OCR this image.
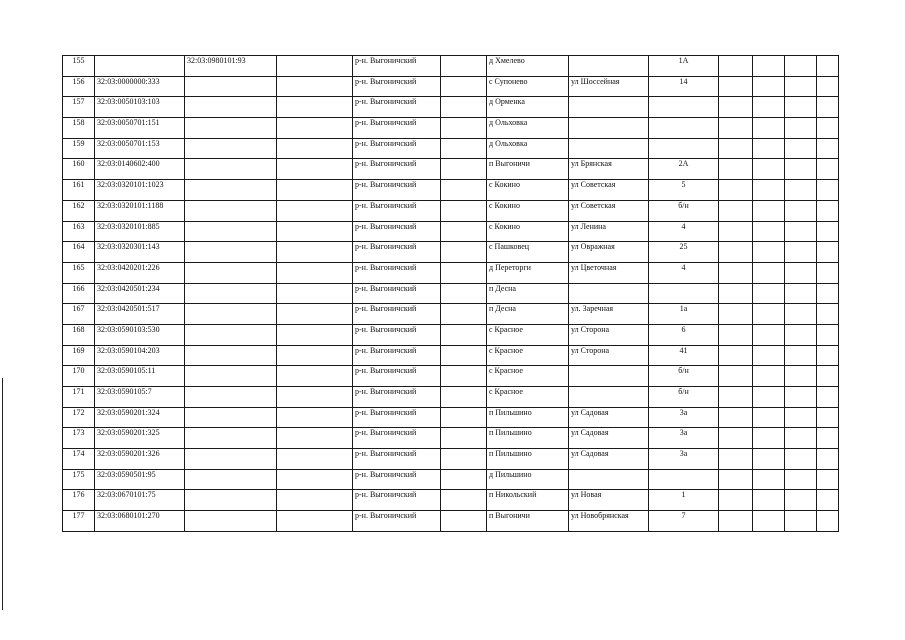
155		32:03:0980101:93		р-н. Выгоничский		д Хмелево		1А				
156	32:03:0000000:333			р-н. Выгоничский		с Супонево	ул Шоссейная	14				
157	32:03:0050103:103			р-н. Выгоничский		д Орменка						
158	32:03:0050701:151			р-н. Выгоничский		д Ольховка						
159	32:03:0050701:153			р-н. Выгоничский		д Ольховка						
160	32:03:0140602:400			р-н. Выгоничский		п Выгоничи	ул Брянская	2А				
161	32:03:0320101:1023			р-н. Выгоничский		с Кокино	ул Советская	5				
162	32:03:0320101:1188			р-н. Выгоничский		с Кокино	ул Советская	б/н				
163	32:03:0320101:885			р-н. Выгоничский		с Кокино	ул Ленина	4				
164	32:03:0320301:143			р-н. Выгоничский		с Пашковец	ул Овражная	25				
165	32:03:0420201:226			р-н. Выгоничский		д Переторги	ул Цветочная	4				
166	32:03:0420501:234			р-н. Выгоничский		п Десна						
167	32:03:0420501:517			р-н. Выгоничский		п Десна	ул. Заречная	1а				
168	32:03:0590103:530			р-н. Выгоничский		с Красное	ул Сторона	6				
169	32:03:0590104:203			р-н. Выгоничский		с Красное	ул Сторона	41				
170	32:03:0590105:11			р-н. Выгоничский		с Красное		б/н				
171	32:03:0590105:7			р-н. Выгоничский		с Красное		б/н				
172	32:03:0590201:324			р-н. Выгоничский		п Пильшино	ул Садовая	3а				
173	32:03:0590201:325			р-н. Выгоничский		п Пильшино	ул Садовая	3а				
174	32:03:0590201:326			р-н. Выгоничский		п Пильшино	ул Садовая	3а				
175	32:03:0590501:95			р-н. Выгоничский		д Пильшино						
176	32:03:0670101:75			р-н. Выгоничский		п Никольский	ул Новая	1				
177	32:03:0680101:270			р-н. Выгоничский		п Выгоничи	ул Новобрянская	7				
